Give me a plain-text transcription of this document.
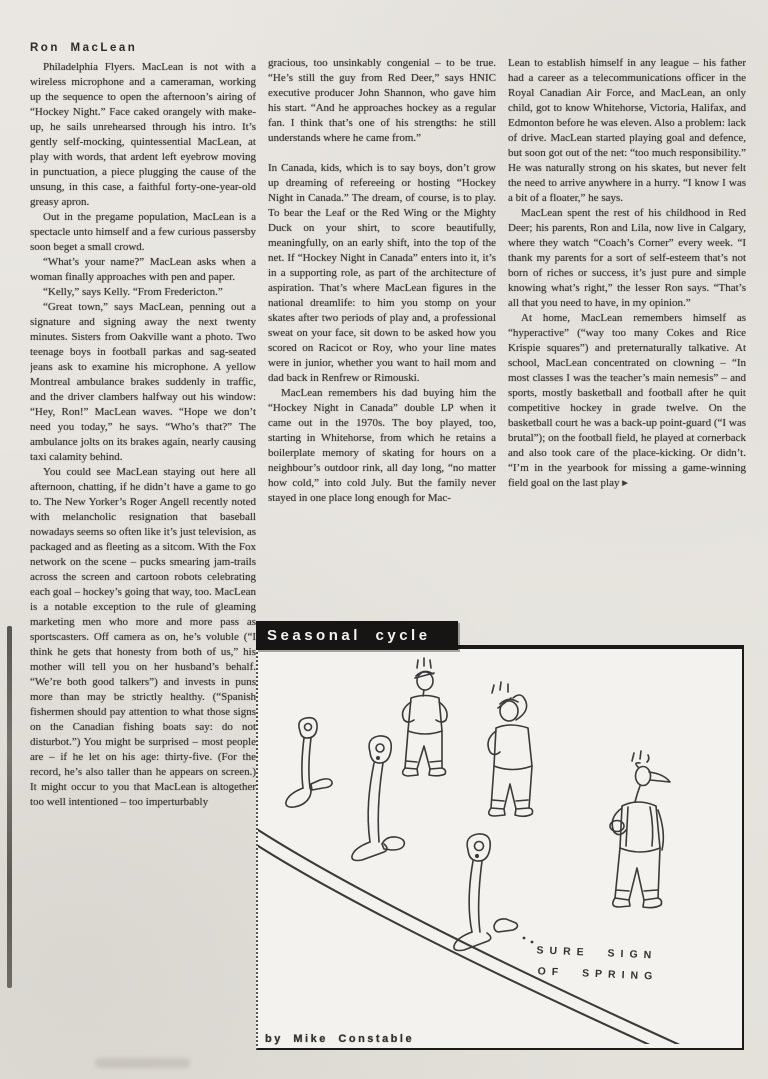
Ron MacLean

Philadelphia Flyers. MacLean is not with a wireless microphone and a cameraman, working up the sequence to open the afternoon’s airing of “Hockey Night.” Face caked orangely with make-up, he sails unrehearsed through his intro. It’s gently self-mocking, quintessential MacLean, at play with words, that ardent left eyebrow moving in punctuation, a piece plugging the cause of the unsung, in this case, a faithful forty-one-year-old greasy apron.

Out in the pregame population, MacLean is a spectacle unto himself and a few curious passersby soon beget a small crowd.

“What’s your name?” MacLean asks when a woman finally approaches with pen and paper.

“Kelly,” says Kelly. “From Fredericton.”

“Great town,” says MacLean, penning out a signature and signing away the next twenty minutes. Sisters from Oakville want a photo. Two teenage boys in football parkas and sag-seated jeans ask to examine his microphone. A yellow Montreal ambulance brakes suddenly in traffic, and the driver clambers halfway out his window: “Hey, Ron!” MacLean waves. “Hope we don’t need you today,” he says. “Who’s that?” The ambulance jolts on its brakes again, nearly causing taxi calamity behind.

You could see MacLean staying out here all afternoon, chatting, if he didn’t have a game to go to. The New Yorker’s Roger Angell recently noted with melancholic resignation that baseball nowadays seems so often like it’s just television, as packaged and as fleeting as a sitcom. With the Fox network on the scene – pucks smearing jam-trails across the screen and cartoon robots celebrating each goal – hockey’s going that way, too. MacLean is a notable exception to the rule of gleaming marketing men who more and more pass as sportscasters. Off camera as on, he’s voluble (“I think he gets that honesty from both of us,” his mother will tell you on her husband’s behalf. “We’re both good talkers”) and invests in puns more than may be strictly healthy. (“Spanish fishermen should pay attention to what those signs on the Canadian fishing boats say: do not disturbot.”) You might be surprised – most people are – if he let on his age: thirty-five. (For the record, he’s also taller than he appears on screen.) It might occur to you that MacLean is altogether too well intentioned – too imperturbably

gracious, too unsinkably congenial – to be true. “He’s still the guy from Red Deer,” says HNIC executive producer John Shannon, who gave him his start. “And he approaches hockey as a regular fan. I think that’s one of his strengths: he still understands where he came from.”

In Canada, kids, which is to say boys, don’t grow up dreaming of refereeing or hosting “Hockey Night in Canada.” The dream, of course, is to play. To bear the Leaf or the Red Wing or the Mighty Duck on your shirt, to score beautifully, meaningfully, on an early shift, into the top of the net. If “Hockey Night in Canada” enters into it, it’s in a supporting role, as part of the architecture of aspiration. That’s where MacLean figures in the national dreamlife: to him you stomp on your skates after two periods of play and, a professional sweat on your face, sit down to be asked how you scored on Racicot or Roy, who your line mates were in junior, whether you want to hail mom and dad back in Renfrew or Rimouski.

MacLean remembers his dad buying him the “Hockey Night in Canada” double LP when it came out in the 1970s. The boy played, too, starting in Whitehorse, from which he retains a boilerplate memory of skating for hours on a neighbour’s outdoor rink, all day long, “no matter how cold,” into cold July. But the family never stayed in one place long enough for Mac-

Lean to establish himself in any league – his father had a career as a telecommunications officer in the Royal Canadian Air Force, and MacLean, an only child, got to know Whitehorse, Victoria, Halifax, and Edmonton before he was eleven. Also a problem: lack of drive. MacLean started playing goal and defence, but soon got out of the net: “too much responsibility.” He was naturally strong on his skates, but never felt the need to arrive anywhere in a hurry. “I know I was a bit of a floater,” he says.

MacLean spent the rest of his childhood in Red Deer; his parents, Ron and Lila, now live in Calgary, where they watch “Coach’s Corner” every week. “I thank my parents for a sort of self-esteem that’s not born of riches or success, it’s just pure and simple knowing what’s right,” the lesser Ron says. “That’s all that you need to have, in my opinion.”

At home, MacLean remembers himself as “hyperactive” (“way too many Cokes and Rice Krispie squares”) and preternaturally talkative. At school, MacLean concentrated on clowning – “In most classes I was the teacher’s main nemesis” – and sports, mostly basketball and football after he quit competitive hockey in grade twelve. On the basketball court he was a back-up point-guard (“I was brutal”); on the football field, he played at cornerback and also took care of the place-kicking. Or didn’t. “I’m in the yearbook for missing a game-winning field goal on the last play ▸

SURE SIGN
OF SPRING
by Mike Constable
Seasonal cycle
